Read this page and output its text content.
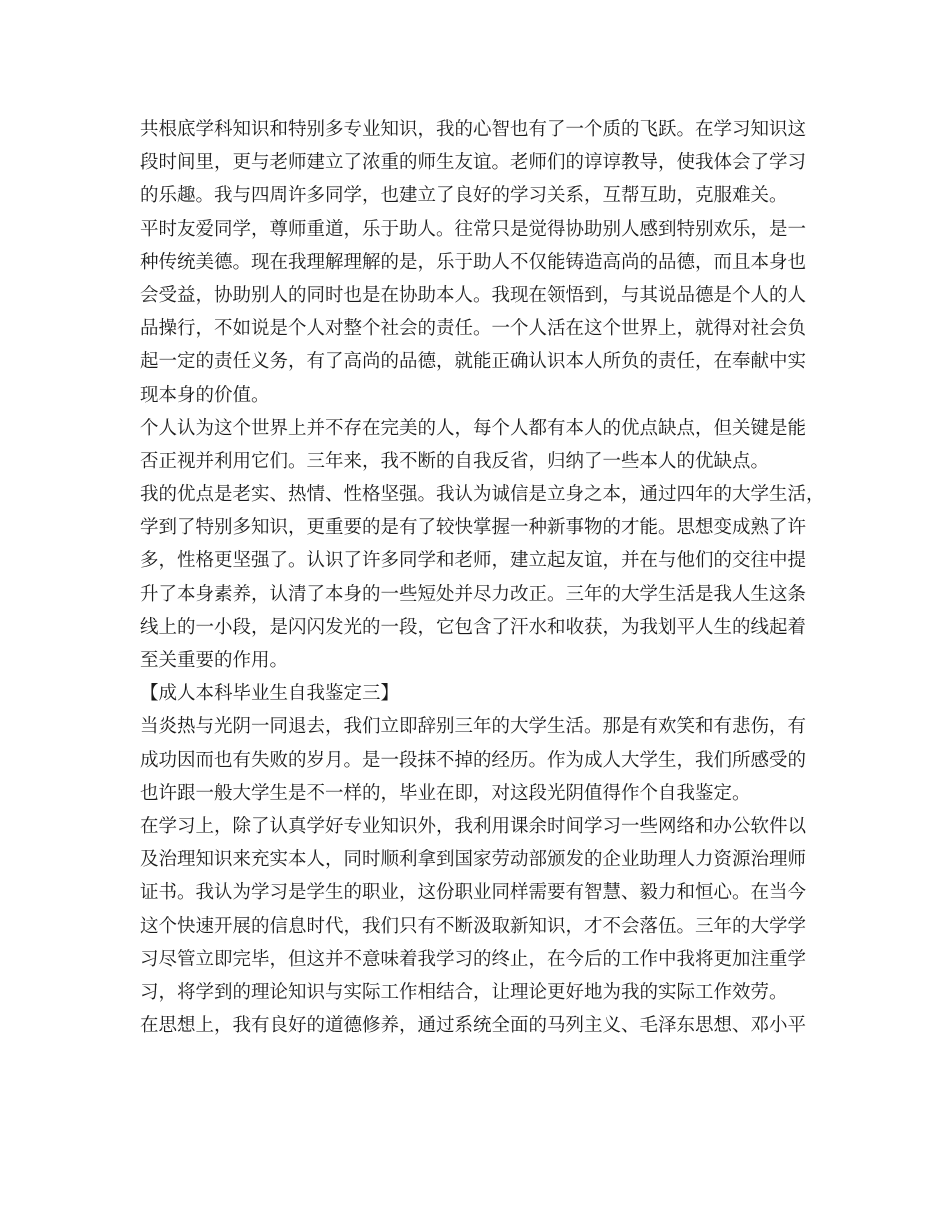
共根底学科知识和特别多专业知识，我的心智也有了一个质的飞跃。在学习知识这
段时间里，更与老师建立了浓重的师生友谊。老师们的谆谆教导，使我体会了学习
的乐趣。我与四周许多同学，也建立了良好的学习关系，互帮互助，克服难关。
平时友爱同学，尊师重道，乐于助人。往常只是觉得协助别人感到特别欢乐，是一
种传统美德。现在我理解理解的是，乐于助人不仅能铸造高尚的品德，而且本身也
会受益，协助别人的同时也是在协助本人。我现在领悟到，与其说品德是个人的人
品操行，不如说是个人对整个社会的责任。一个人活在这个世界上，就得对社会负
起一定的责任义务，有了高尚的品德，就能正确认识本人所负的责任，在奉献中实
现本身的价值。
个人认为这个世界上并不存在完美的人，每个人都有本人的优点缺点，但关键是能
否正视并利用它们。三年来，我不断的自我反省，归纳了一些本人的优缺点。
我的优点是老实、热情、性格坚强。我认为诚信是立身之本，通过四年的大学生活，
学到了特别多知识，更重要的是有了较快掌握一种新事物的才能。思想变成熟了许
多，性格更坚强了。认识了许多同学和老师，建立起友谊，并在与他们的交往中提
升了本身素养，认清了本身的一些短处并尽力改正。三年的大学生活是我人生这条
线上的一小段，是闪闪发光的一段，它包含了汗水和收获，为我划平人生的线起着
至关重要的作用。
【成人本科毕业生自我鉴定三】
当炎热与光阴一同退去，我们立即辞别三年的大学生活。那是有欢笑和有悲伤，有
成功因而也有失败的岁月。是一段抹不掉的经历。作为成人大学生，我们所感受的
也许跟一般大学生是不一样的，毕业在即，对这段光阴值得作个自我鉴定。
在学习上，除了认真学好专业知识外，我利用课余时间学习一些网络和办公软件以
及治理知识来充实本人，同时顺利拿到国家劳动部颁发的企业助理人力资源治理师
证书。我认为学习是学生的职业，这份职业同样需要有智慧、毅力和恒心。在当今
这个快速开展的信息时代，我们只有不断汲取新知识，才不会落伍。三年的大学学
习尽管立即完毕，但这并不意味着我学习的终止，在今后的工作中我将更加注重学
习，将学到的理论知识与实际工作相结合，让理论更好地为我的实际工作效劳。
在思想上，我有良好的道德修养，通过系统全面的马列主义、毛泽东思想、邓小平
